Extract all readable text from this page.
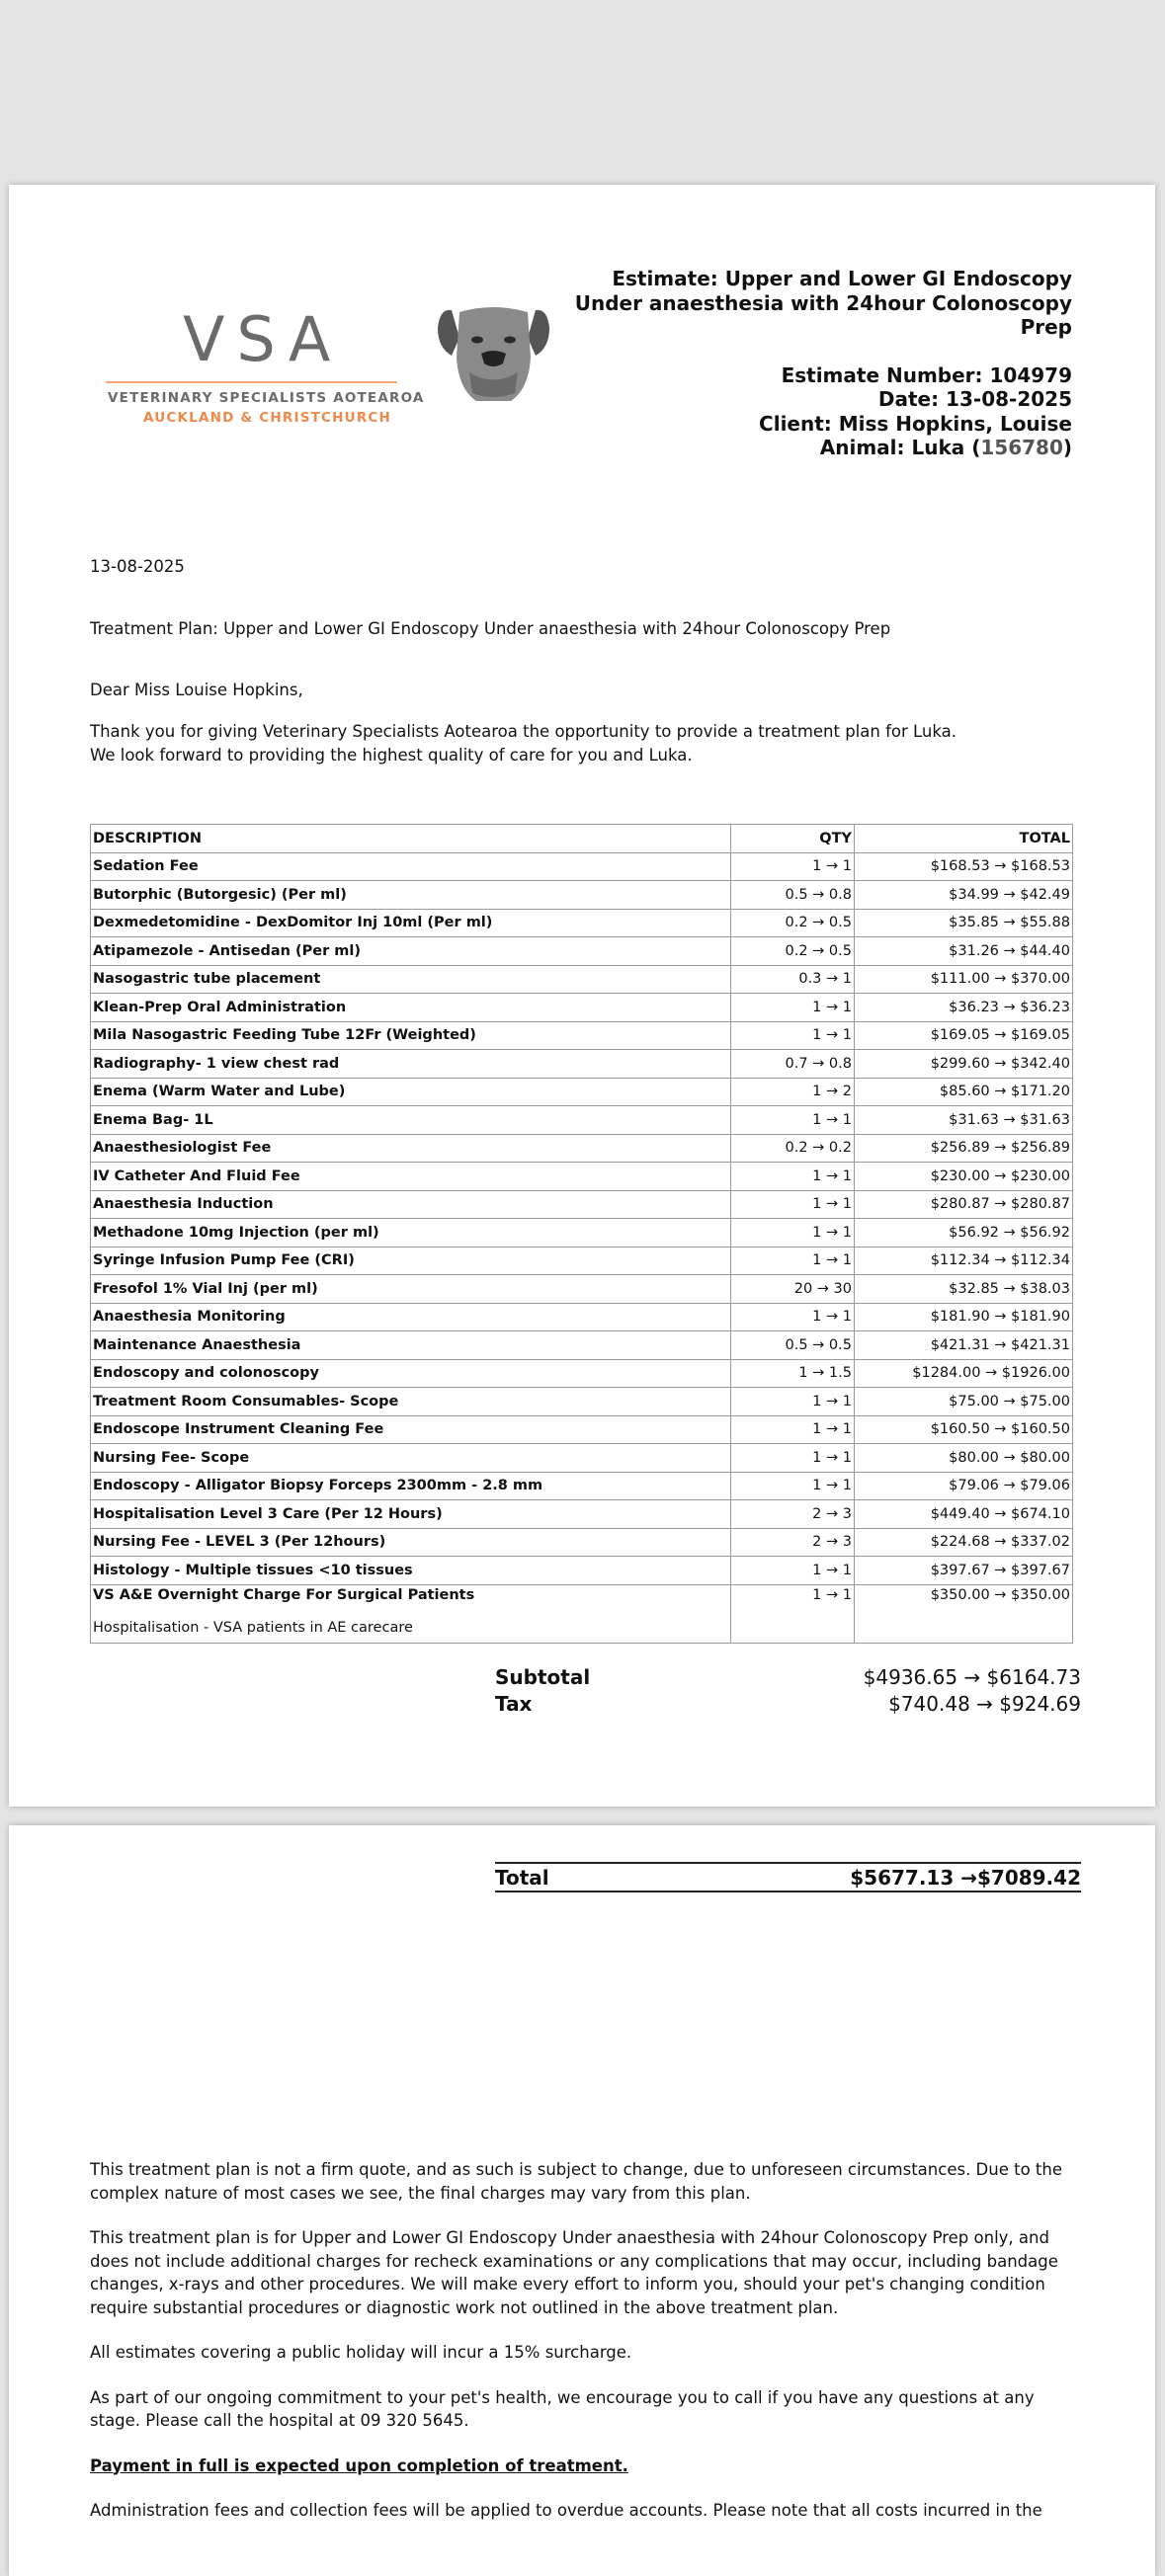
VSA
VETERINARY SPECIALISTS AOTEAROA
AUCKLAND & CHRISTCHURCH
Estimate: Upper and Lower GI Endoscopy
Under anaesthesia with 24hour Colonoscopy
Prep
Estimate Number: 104979
Date: 13-08-2025
Client: Miss Hopkins, Louise
Animal: Luka (156780)
13-08-2025
Treatment Plan: Upper and Lower GI Endoscopy Under anaesthesia with 24hour Colonoscopy Prep
Dear Miss Louise Hopkins,
Thank you for giving Veterinary Specialists Aotearoa the opportunity to provide a treatment plan for Luka.
We look forward to providing the highest quality of care for you and Luka.
DESCRIPTION	QTY	TOTAL
Sedation Fee	1 → 1	$168.53 → $168.53
Butorphic (Butorgesic) (Per ml)	0.5 → 0.8	$34.99 → $42.49
Dexmedetomidine - DexDomitor Inj 10ml (Per ml)	0.2 → 0.5	$35.85 → $55.88
Atipamezole - Antisedan (Per ml)	0.2 → 0.5	$31.26 → $44.40
Nasogastric tube placement	0.3 → 1	$111.00 → $370.00
Klean-Prep Oral Administration	1 → 1	$36.23 → $36.23
Mila Nasogastric Feeding Tube 12Fr (Weighted)	1 → 1	$169.05 → $169.05
Radiography- 1 view chest rad	0.7 → 0.8	$299.60 → $342.40
Enema (Warm Water and Lube)	1 → 2	$85.60 → $171.20
Enema Bag- 1L	1 → 1	$31.63 → $31.63
Anaesthesiologist Fee	0.2 → 0.2	$256.89 → $256.89
IV Catheter And Fluid Fee	1 → 1	$230.00 → $230.00
Anaesthesia Induction	1 → 1	$280.87 → $280.87
Methadone 10mg Injection (per ml)	1 → 1	$56.92 → $56.92
Syringe Infusion Pump Fee (CRI)	1 → 1	$112.34 → $112.34
Fresofol 1% Vial Inj (per ml)	20 → 30	$32.85 → $38.03
Anaesthesia Monitoring	1 → 1	$181.90 → $181.90
Maintenance Anaesthesia	0.5 → 0.5	$421.31 → $421.31
Endoscopy and colonoscopy	1 → 1.5	$1284.00 → $1926.00
Treatment Room Consumables- Scope	1 → 1	$75.00 → $75.00
Endoscope Instrument Cleaning Fee	1 → 1	$160.50 → $160.50
Nursing Fee- Scope	1 → 1	$80.00 → $80.00
Endoscopy - Alligator Biopsy Forceps 2300mm - 2.8 mm	1 → 1	$79.06 → $79.06
Hospitalisation Level 3 Care (Per 12 Hours)	2 → 3	$449.40 → $674.10
Nursing Fee - LEVEL 3 (Per 12hours)	2 → 3	$224.68 → $337.02
Histology - Multiple tissues <10 tissues	1 → 1	$397.67 → $397.67
VS A&E Overnight Charge For Surgical Patients
Hospitalisation - VSA patients in AE carecare	1 → 1	$350.00 → $350.00
Subtotal	$4936.65 → $6164.73
Tax	$740.48 → $924.69
Total	$5677.13 →$7089.42

This treatment plan is not a firm quote, and as such is subject to change, due to unforeseen circumstances. Due to the complex nature of most cases we see, the final charges may vary from this plan.

This treatment plan is for Upper and Lower GI Endoscopy Under anaesthesia with 24hour Colonoscopy Prep only, and does not include additional charges for recheck examinations or any complications that may occur, including bandage changes, x-rays and other procedures. We will make every effort to inform you, should your pet's changing condition require substantial procedures or diagnostic work not outlined in the above treatment plan.

All estimates covering a public holiday will incur a 15% surcharge.

As part of our ongoing commitment to your pet's health, we encourage you to call if you have any questions at any stage. Please call the hospital at 09 320 5645.

Payment in full is expected upon completion of treatment.

Administration fees and collection fees will be applied to overdue accounts. Please note that all costs incurred in the
